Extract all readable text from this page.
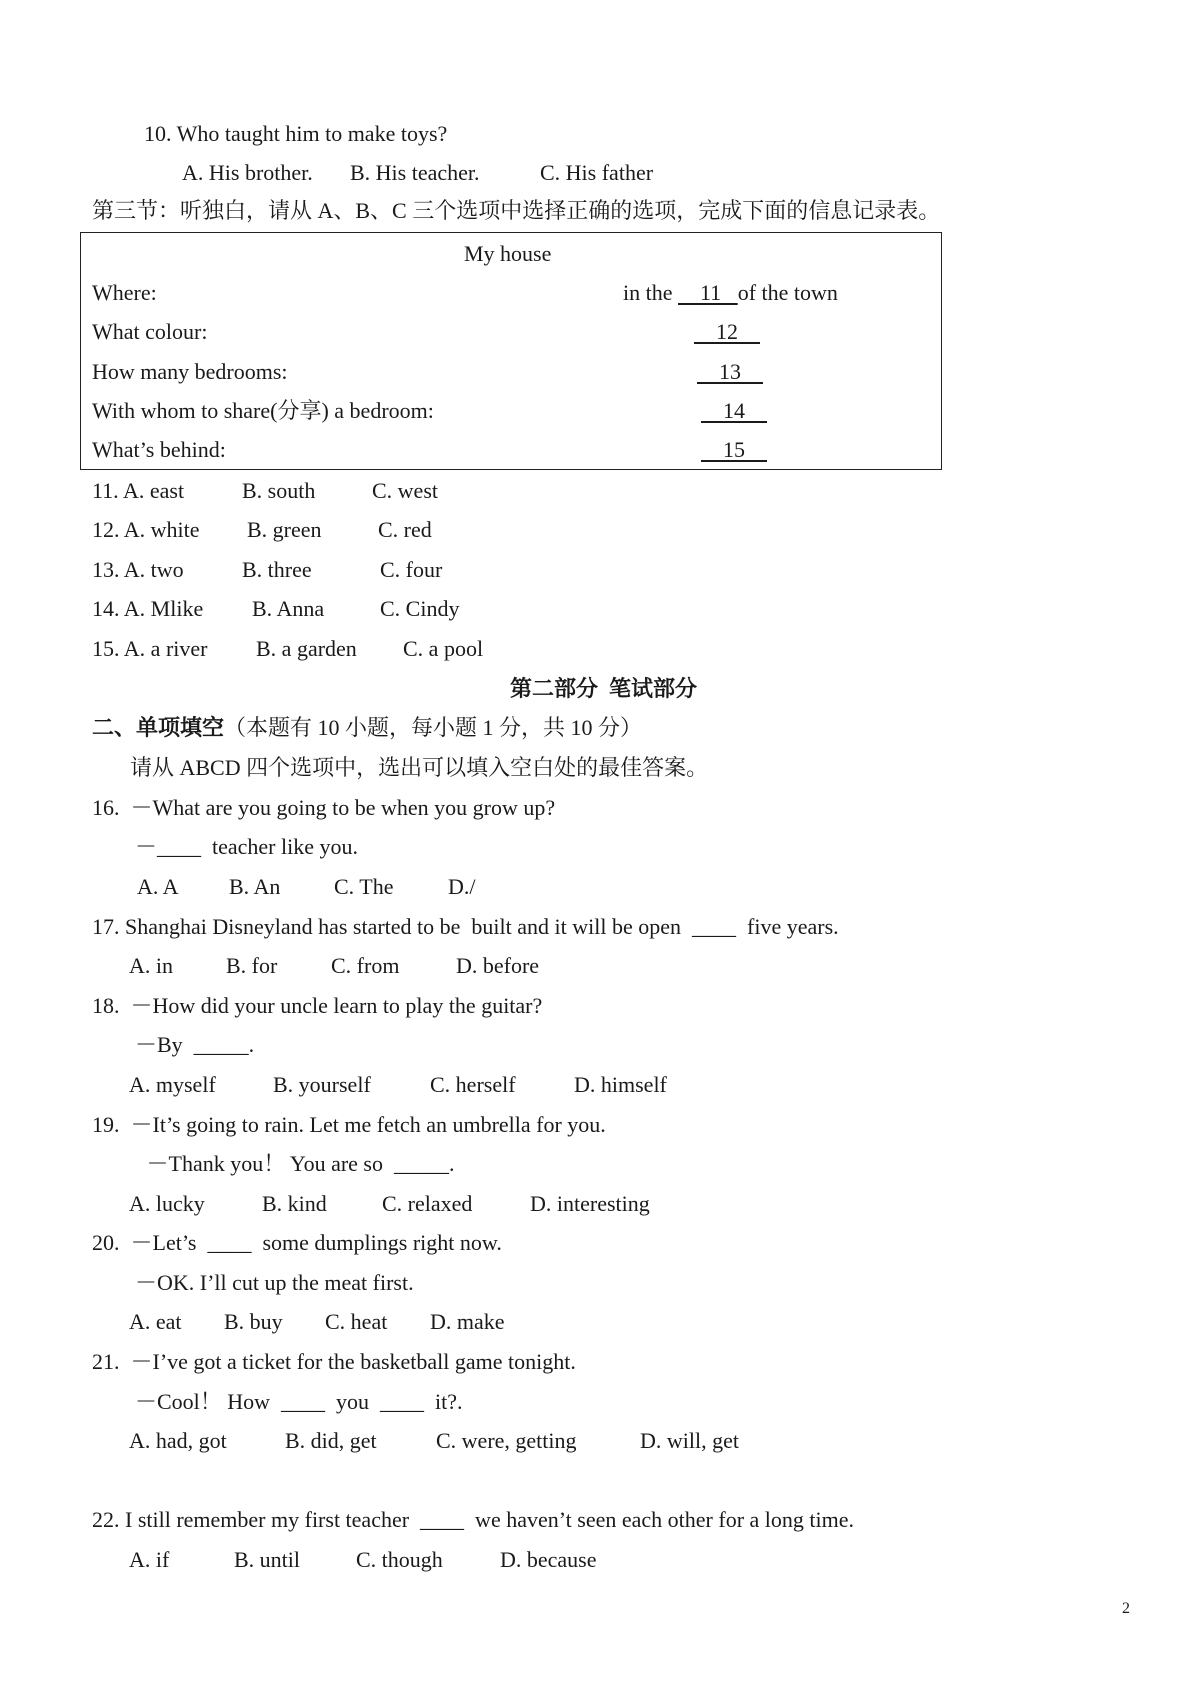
10. Who taught him to make toys?
A. His brother. B. His teacher.	C. His father
第三节：听独白，请从 A、B、C 三个选项中选择正确的选项，完成下面的信息记录表。
My house
Where:	in the     11   of the town
What colour:	12
How many bedrooms:	13
With whom to share(分享) a bedroom:	14
What’s behind:	15
11. A. east	B. south	C. west
12. A. white B. green	C. red
13. A. two	B. three	C. four
14. A. Mlike B. Anna	C. Cindy
15. A. a river B. a garden C. a pool
第二部分  笔试部分
二、单项填空（本题有 10 小题，每小题 1 分，共 10 分）
请从 ABCD 四个选项中，选出可以填入空白处的最佳答案。
16.  －What are you going to be when you grow up?
－____  teacher like you.
A. A B. An C. The D./
17. Shanghai Disneyland has started to be  built and it will be open  ____  five years.
A. in B. for C. from	D. before
18.  －How did your uncle learn to play the guitar?
－By  _____.
A. myself	B. yourself	C. herself	D. himself
19.  －It’s going to rain. Let me fetch an umbrella for you.
－Thank you！ You are so  _____.
A. lucky	B. kind	C. relaxed	D. interesting
20.  －Let’s  ____  some dumplings right now.
－OK. I’ll cut up the meat first.
A. eat B. buy C. heat D. make
21.  －I’ve got a ticket for the basketball game tonight.
－Cool！ How  ____  you  ____  it?.
A. had, got	B. did, get	C. were, getting	D. will, get
22. I still remember my first teacher  ____  we haven’t seen each other for a long time.
A. if	B. until	C. though	D. because
2
